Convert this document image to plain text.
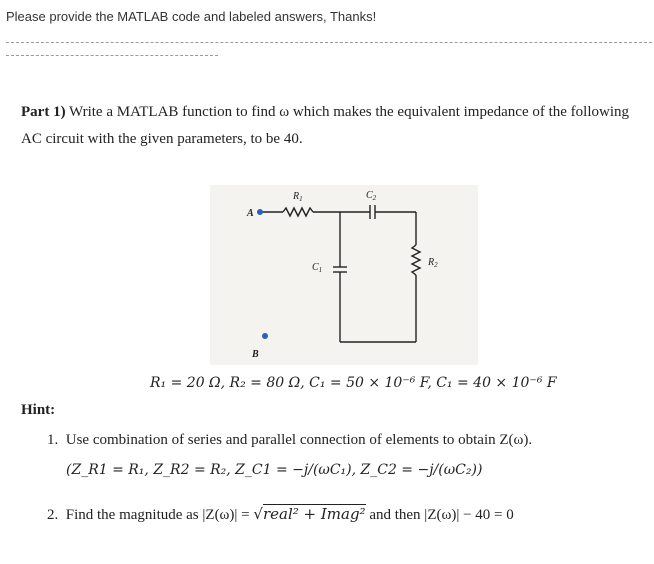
Please provide the MATLAB code and labeled answers, Thanks!
Part 1) Write a MATLAB function to find ω which makes the equivalent impedance of the following AC circuit with the given parameters, to be 40.
A
B
$R_1$	$C_2$
$C_1$
$R_2$
R₁ = 20 Ω, R₂ = 80 Ω, C₁ = 50 × 10⁻⁶ F, C₁ = 40 × 10⁻⁶ F
Hint:
1. Use combination of series and parallel connection of elements to obtain Z(ω).
(Z_R1 = R₁, Z_R2 = R₂, Z_C1 = −j/(ωC₁), Z_C2 = −j/(ωC₂))
2. Find the magnitude as |Z(ω)| = √real² + Imag² and then |Z(ω)| − 40 = 0
